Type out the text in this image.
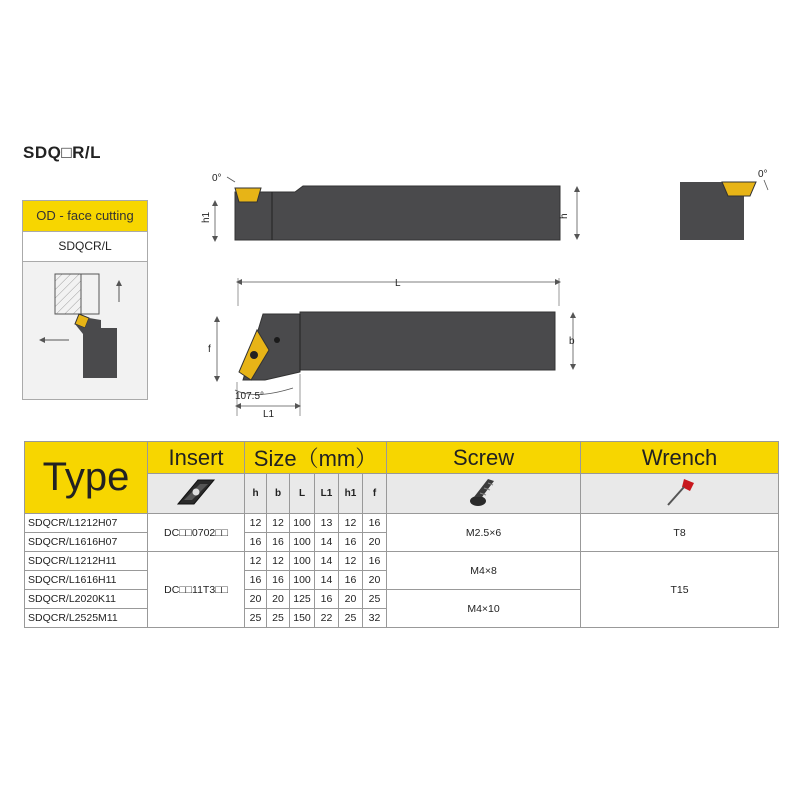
SDQ□R/L
OD - face cutting
SDQCR/L
0°
h1	h
0°
L
f
b
107.5°
L1
Type	Insert	Size（mm）						Screw	Wrench
	h	b	L	L1	h1	f		
SDQCR/L1212H07	DC□□0702□□	12	12	100	13	12	16	M2.5×6	T8
SDQCR/L1616H07		16	16	100	14	16	20		
SDQCR/L1212H11	DC□□11T3□□	12	12	100	14	12	16	M4×8	T15
SDQCR/L1616H11		16	16	100	14	16	20		
SDQCR/L2020K11		20	20	125	16	20	25	M4×10	
SDQCR/L2525M11		25	25	150	22	25	32		
